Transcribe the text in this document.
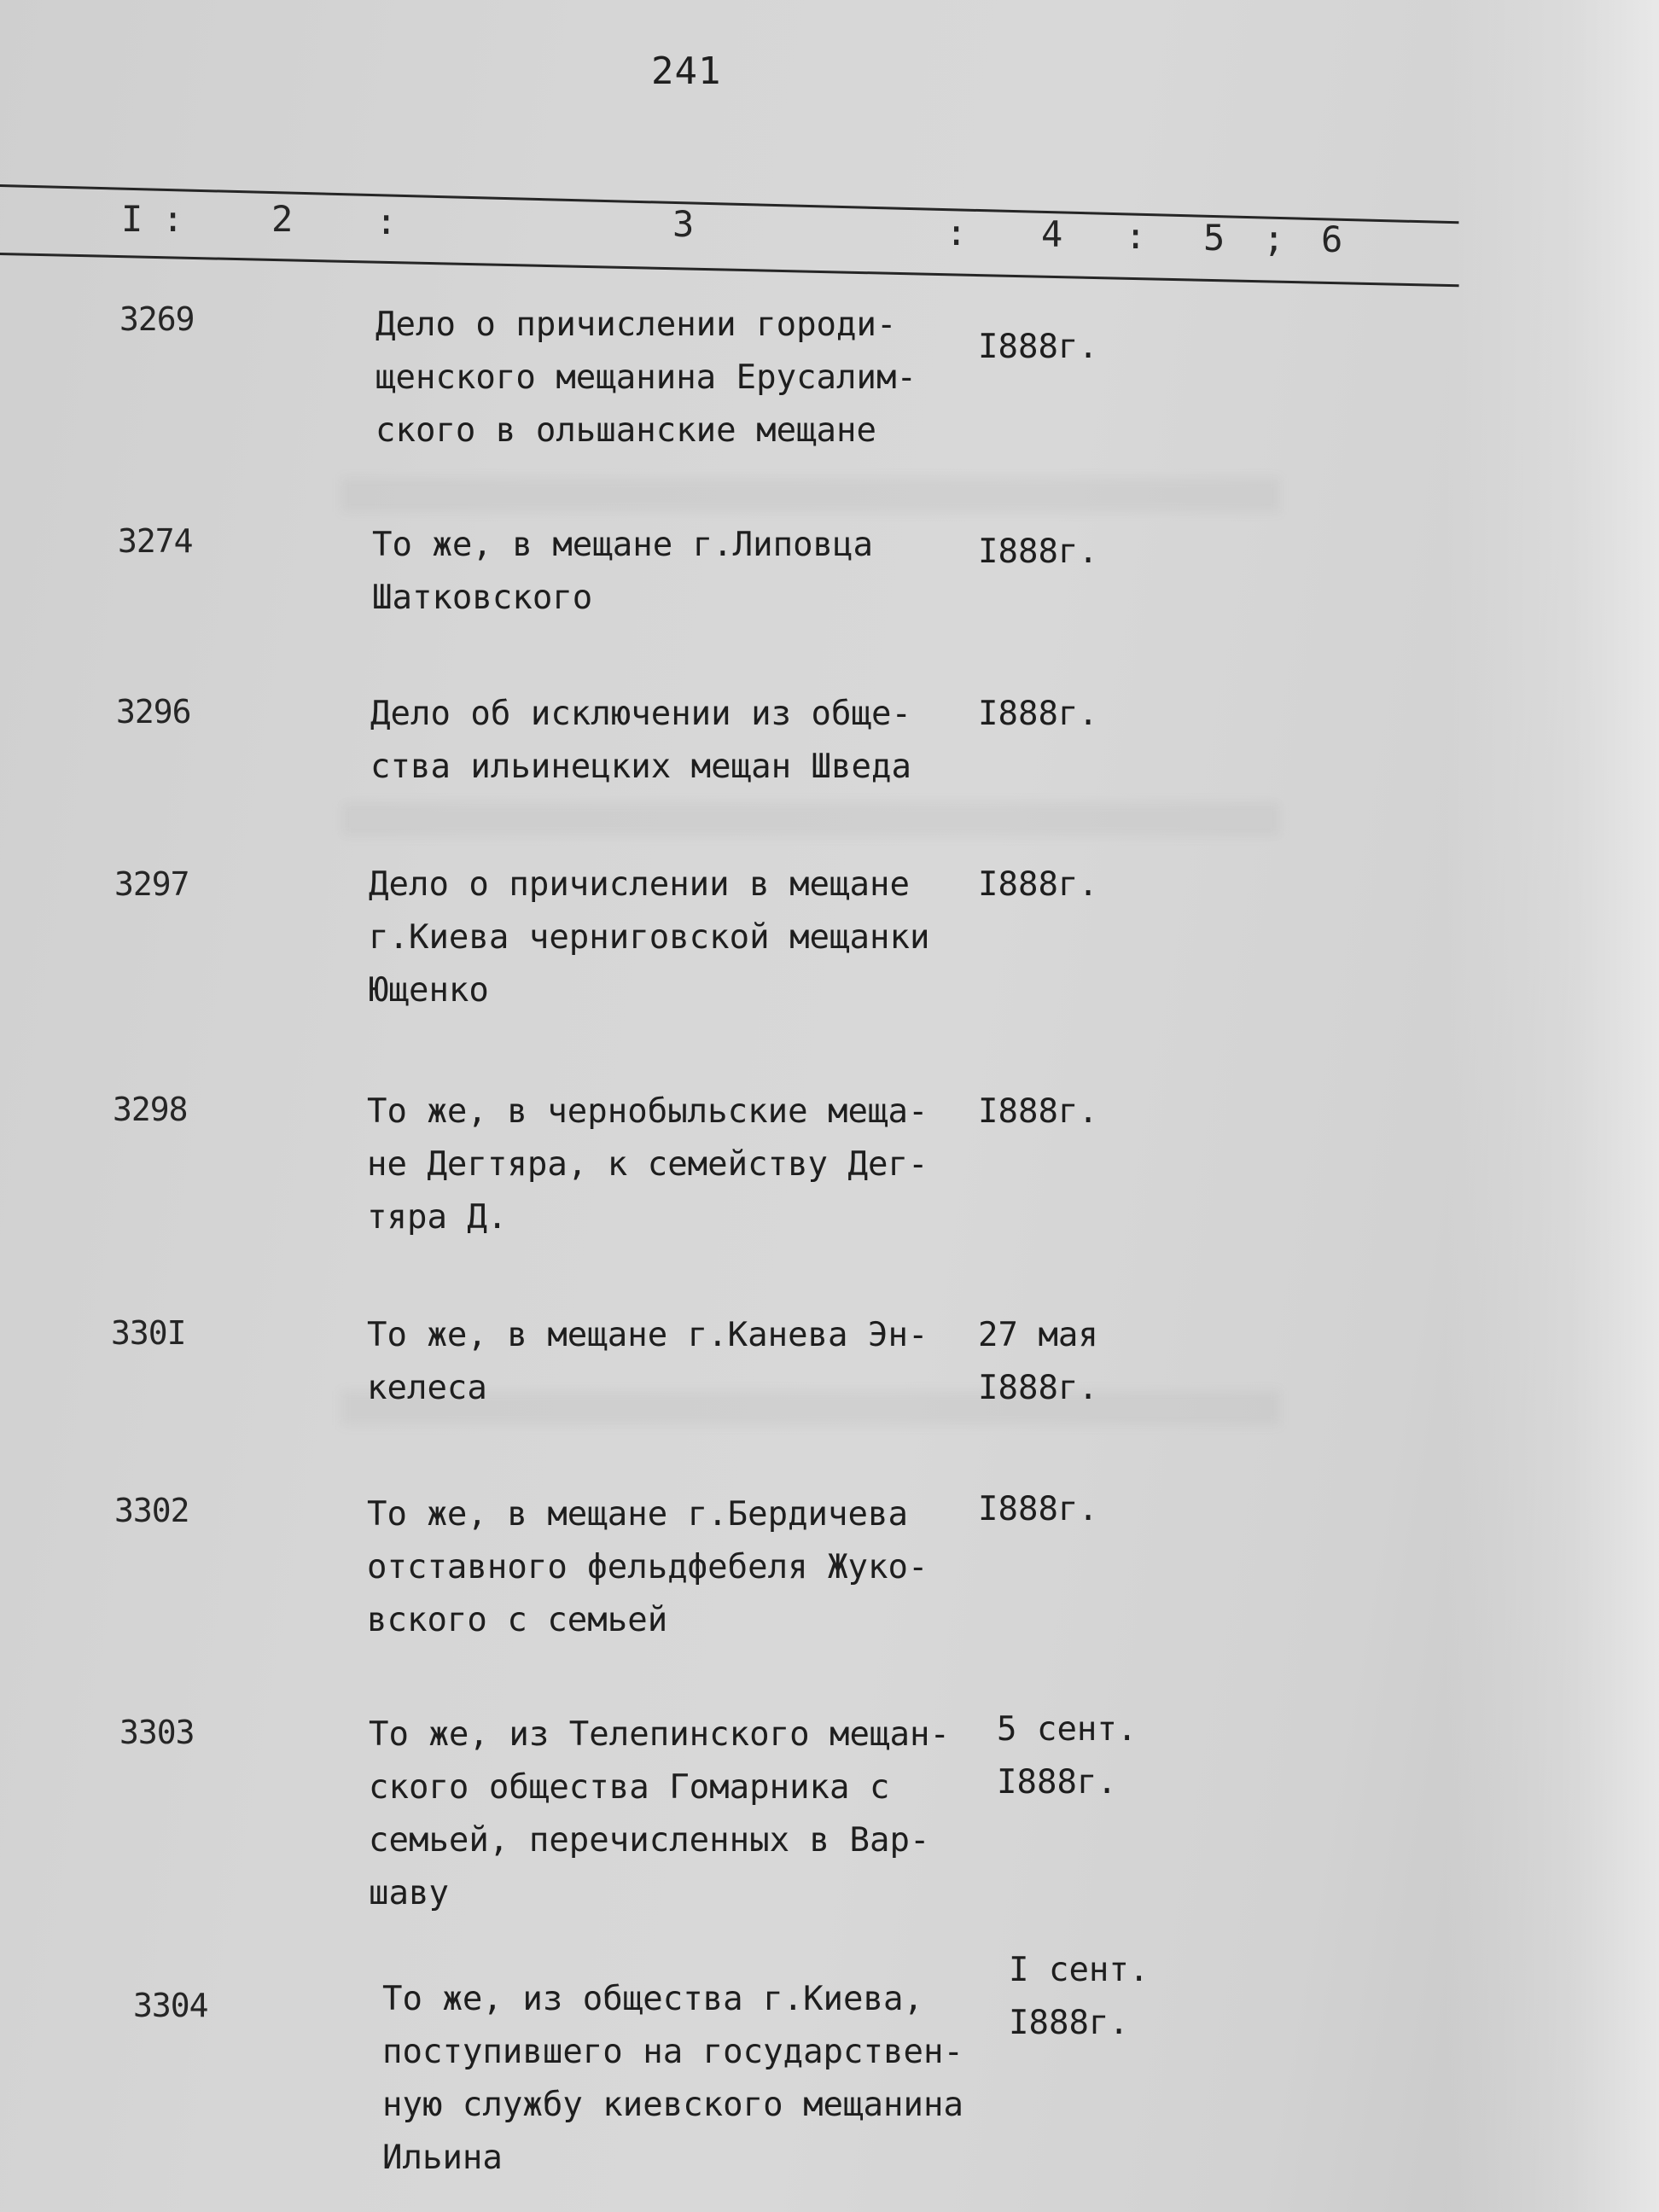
241
I : 2 :	3	: 4 : 5 ; 6
3269	Дело о причислении городи-
щенского мещанина Ерусалим-
ского в ольшанские мещане
I888г.
3274	То же, в мещане г.Липовца
Шатковского
I888г.
3296	Дело об исключении из обще-
ства ильинецких мещан Шведа
I888г.
3297	Дело о причислении в мещане
г.Киева черниговской мещанки
Ющенко
I888г.
3298	То же, в чернобыльские меща-
не Дегтяра, к семейству Дег-
тяра Д.
I888г.
330I	То же, в мещане г.Канева Эн-
келеса
27 мая
I888г.
3302	То же, в мещане г.Бердичева
отставного фельдфебеля Жуко-
вского с семьей
I888г.
3303	То же, из Телепинского мещан-
ского общества Гомарника с
семьей, перечисленных в Вар-
шаву
5 сент.
I888г.
3304	То же, из общества г.Киева,
поступившего на государствен-
ную службу киевского мещанина
Ильина
I сент.
I888г.
